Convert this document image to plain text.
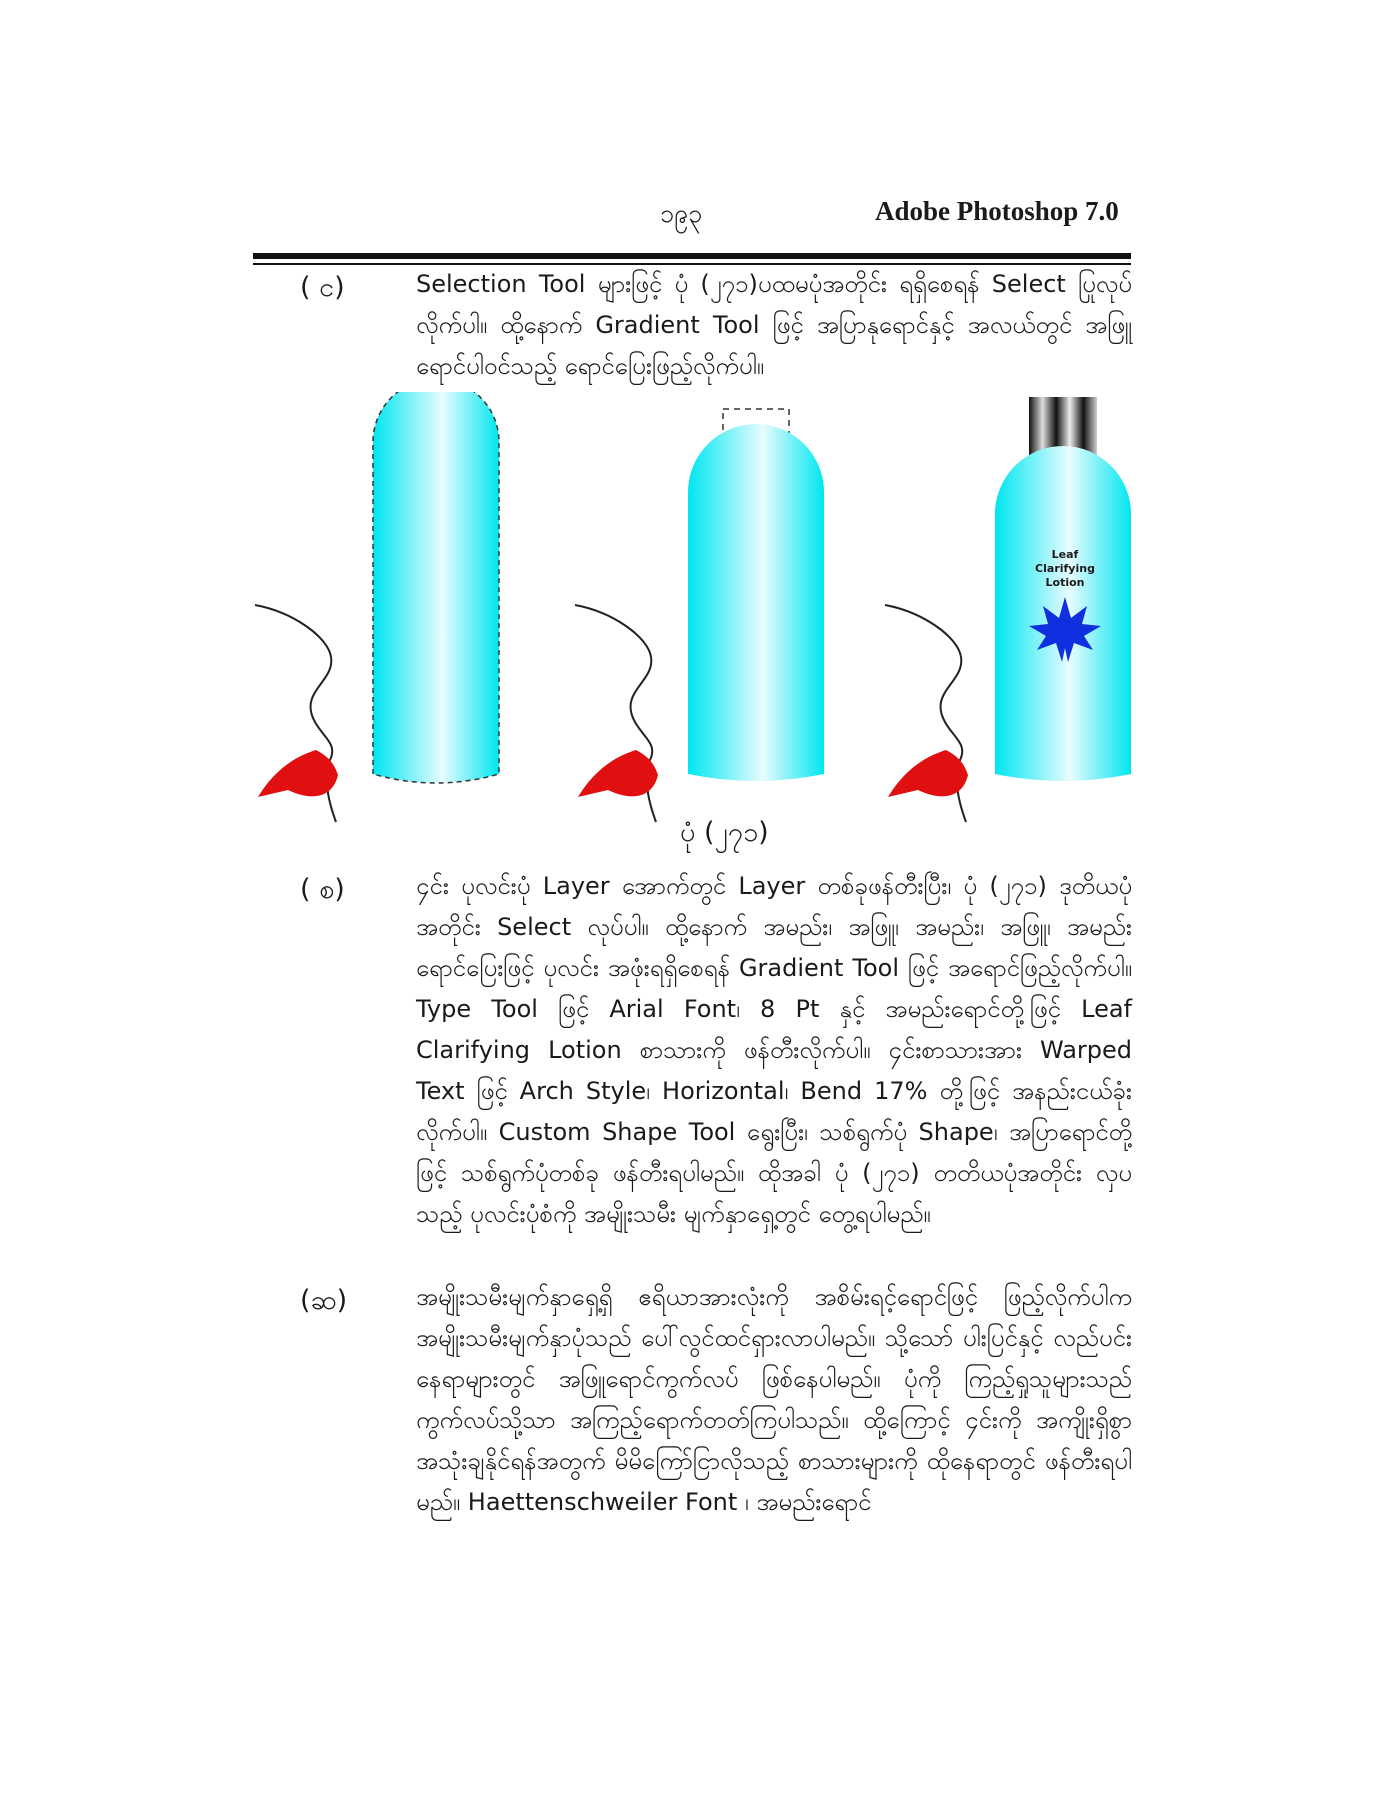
၁၉၃	Adobe Photoshop 7.0
( င)	Selection Tool များဖြင့် ပုံ (၂၇၁)ပထမပုံအတိုင်း ရရှိစေရန် Select ပြုလုပ်လိုက်ပါ။ ထို့နောက် Gradient Tool ဖြင့် အပြာနုရောင်နှင့် အလယ်တွင် အဖြူရောင်ပါဝင်သည့် ရောင်ပြေးဖြည့်လိုက်ပါ။
Leaf
Clarifying
Lotion
ပုံ (၂၇၁)
( စ)	၄င်း ပုလင်းပုံ Layer အောက်တွင် Layer တစ်ခုဖန်တီးပြီး၊ ပုံ (၂၇၁) ဒုတိယပုံအတိုင်း Select လုပ်ပါ။ ထို့နောက် အမည်း၊ အဖြူ၊ အမည်း၊ အဖြူ၊ အမည်း ရောင်ပြေးဖြင့် ပုလင်း အဖုံးရရှိစေရန် Gradient Tool ဖြင့် အရောင်ဖြည့်လိုက်ပါ။ Type Tool ဖြင့် Arial Font၊ 8 Pt နှင့် အမည်းရောင်တို့ဖြင့် Leaf Clarifying Lotion စာသားကို ဖန်တီးလိုက်ပါ။ ၄င်းစာသားအား Warped Text ဖြင့် Arch Style၊ Horizontal၊ Bend 17% တို့ဖြင့် အနည်းငယ်ခုံးလိုက်ပါ။ Custom Shape Tool ရွေးပြီး၊ သစ်ရွက်ပုံ Shape၊ အပြာရောင်တို့ဖြင့် သစ်ရွက်ပုံတစ်ခု ဖန်တီးရပါမည်။ ထိုအခါ ပုံ (၂၇၁) တတိယပုံအတိုင်း လှပသည့် ပုလင်းပုံစံကို အမျိုးသမီး မျက်နှာရှေ့တွင် တွေ့ရပါမည်။
(ဆ)	အမျိုးသမီးမျက်နှာရှေ့ရှိ ဧရိယာအားလုံးကို အစိမ်းရင့်ရောင်ဖြင့် ဖြည့်လိုက်ပါက အမျိုးသမီးမျက်နှာပုံသည် ပေါ်လွင်ထင်ရှားလာပါမည်။ သို့သော် ပါးပြင်နှင့် လည်ပင်းနေရာများတွင် အဖြူရောင်ကွက်လပ် ဖြစ်နေပါမည်။ ပုံကို ကြည့်ရှုသူများသည် ကွက်လပ်သို့သာ အကြည့်ရောက်တတ်ကြပါသည်။ ထို့ကြောင့် ၄င်းကို အကျိုးရှိစွာ အသုံးချနိုင်ရန်အတွက် မိမိကြော်ငြာလိုသည့် စာသားများကို ထိုနေရာတွင် ဖန်တီးရပါမည်။ Haettenschweiler Font ၊ အမည်းရောင်
